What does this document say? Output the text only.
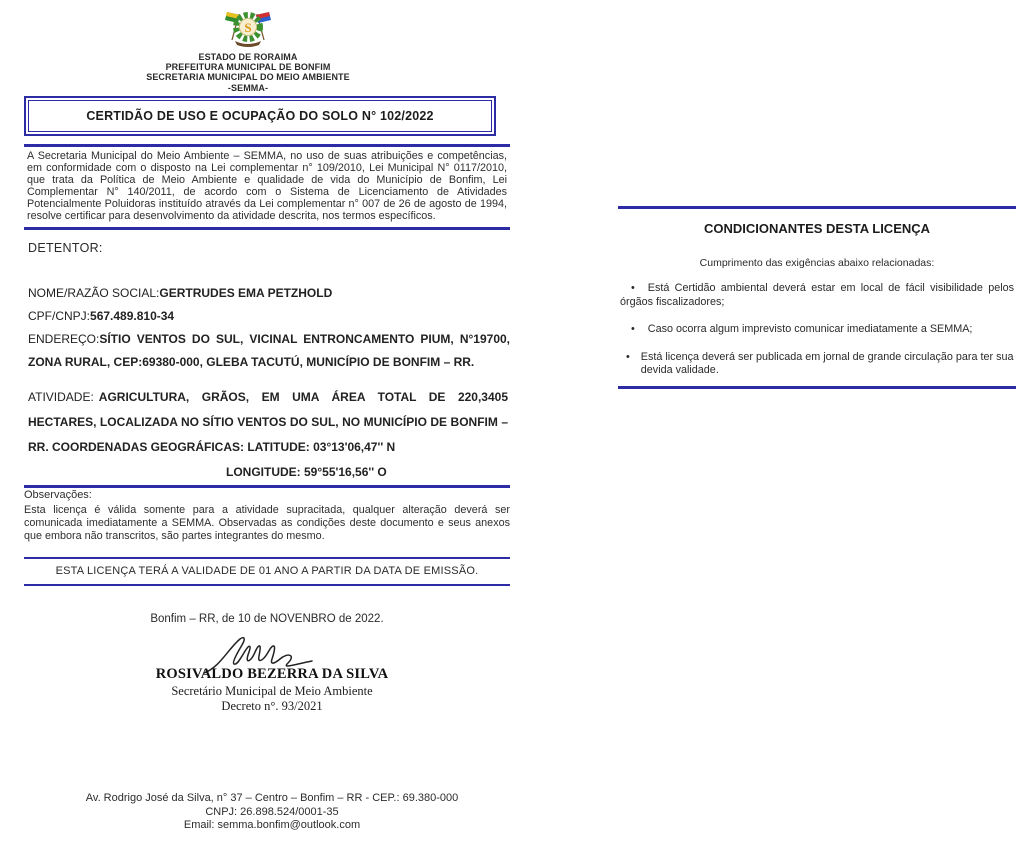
S
ESTADO DE RORAIMA
PREFEITURA MUNICIPAL DE BONFIM
SECRETARIA MUNICIPAL DO MEIO AMBIENTE
-SEMMA-
CERTIDÃO DE USO E OCUPAÇÃO DO SOLO N° 102/2022
A Secretaria Municipal do Meio Ambiente – SEMMA, no uso de suas atribuições e competências, em conformidade com o disposto na Lei complementar n° 109/2010, Lei Municipal N° 0117/2010, que trata da Política de Meio Ambiente e qualidade de vida do Município de Bonfim, Lei Complementar N° 140/2011, de acordo com o Sistema de Licenciamento de Atividades Potencialmente Poluidoras instituído através da Lei complementar n° 007 de 26 de agosto de 1994, resolve certificar para desenvolvimento da atividade descrita, nos termos específicos.
DETENTOR:

NOME/RAZÃO SOCIAL:GERTRUDES EMA PETZHOLD

CPF/CNPJ:567.489.810-34

ENDEREÇO:SÍTIO VENTOS DO SUL, VICINAL ENTRONCAMENTO PIUM, N°19700, ZONA RURAL, CEP:69380-000, GLEBA TACUTÚ, MUNICÍPIO DE BONFIM – RR.

ATIVIDADE: AGRICULTURA, GRÃOS, EM UMA ÁREA TOTAL DE 220,3405 HECTARES, LOCALIZADA NO SÍTIO VENTOS DO SUL, NO MUNICÍPIO DE BONFIM – RR. COORDENADAS GEOGRÁFICAS: LATITUDE: 03°13'06,47'' N
LONGITUDE: 59°55'16,56'' O
Observações:
Esta licença é válida somente para a atividade supracitada, qualquer alteração deverá ser comunicada imediatamente a SEMMA. Observadas as condições deste documento e seus anexos que embora não transcritos, são partes integrantes do mesmo.
ESTA LICENÇA TERÁ A VALIDADE DE 01 ANO A PARTIR DA DATA DE EMISSÃO.
Bonfim – RR, de 10 de NOVENBRO de 2022.
ROSIVALDO BEZERRA DA SILVA
Secretário Municipal de Meio Ambiente
Decreto n°. 93/2021
Av. Rodrigo José da Silva, n° 37 – Centro – Bonfim – RR - CEP.: 69.380-000
CNPJ: 26.898.524/0001-35
Email: semma.bonfim@outlook.com
CONDICIONANTES DESTA LICENÇA
Cumprimento das exigências abaixo relacionadas:
• Está Certidão ambiental deverá estar em local de fácil visibilidade pelos órgãos fiscalizadores;
• Caso ocorra algum imprevisto comunicar imediatamente a SEMMA;
• Está licença deverá ser publicada em jornal de grande circulação para ter sua devida validade.
